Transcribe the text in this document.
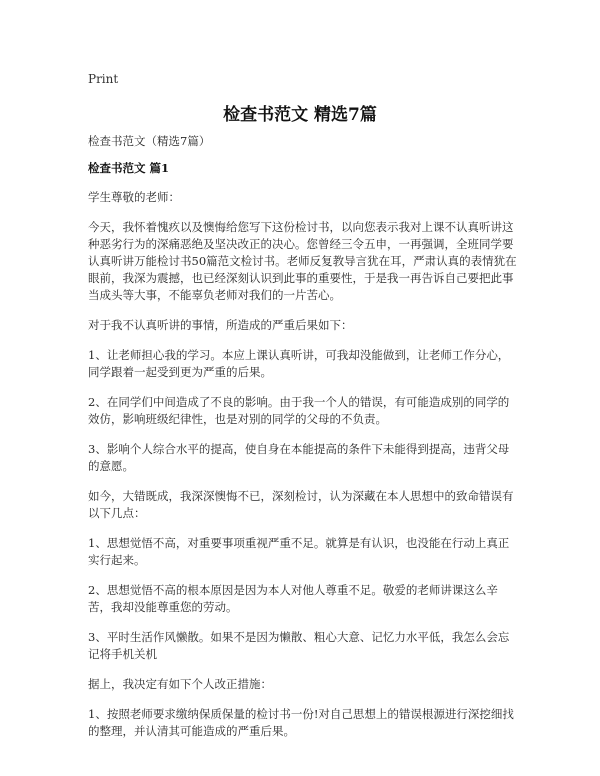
Print
检查书范文 精选7篇

检查书范文（精选7篇）

检查书范文 篇1

学生尊敬的老师：

今天，我怀着愧疚以及懊悔给您写下这份检讨书，以向您表示我对上课不认真听讲这种恶劣行为的深痛恶绝及坚决改正的决心。您曾经三令五申，一再强调，全班同学要认真听讲万能检讨书50篇范文检讨书。老师反复教导言犹在耳，严肃认真的表情犹在眼前，我深为震撼，也已经深刻认识到此事的重要性，于是我一再告诉自己要把此事当成头等大事，不能辜负老师对我们的一片苦心。

对于我不认真听讲的事情，所造成的严重后果如下：

1、让老师担心我的学习。本应上课认真听讲，可我却没能做到，让老师工作分心，同学跟着一起受到更为严重的后果。

2、在同学们中间造成了不良的影响。由于我一个人的错误，有可能造成别的同学的效仿，影响班级纪律性，也是对别的同学的父母的不负责。

3、影响个人综合水平的提高，使自身在本能提高的条件下未能得到提高，违背父母的意愿。

如今，大错既成，我深深懊悔不已，深刻检讨，认为深藏在本人思想中的致命错误有以下几点：

1、思想觉悟不高，对重要事项重视严重不足。就算是有认识，也没能在行动上真正实行起来。

2、思想觉悟不高的根本原因是因为本人对他人尊重不足。敬爱的老师讲课这么辛苦，我却没能尊重您的劳动。

3、平时生活作风懒散。如果不是因为懒散、粗心大意、记忆力水平低，我怎么会忘记将手机关机

据上，我决定有如下个人改正措施：

1、按照老师要求缴纳保质保量的检讨书一份!对自己思想上的错误根源进行深挖细找的整理，并认清其可能造成的严重后果。
